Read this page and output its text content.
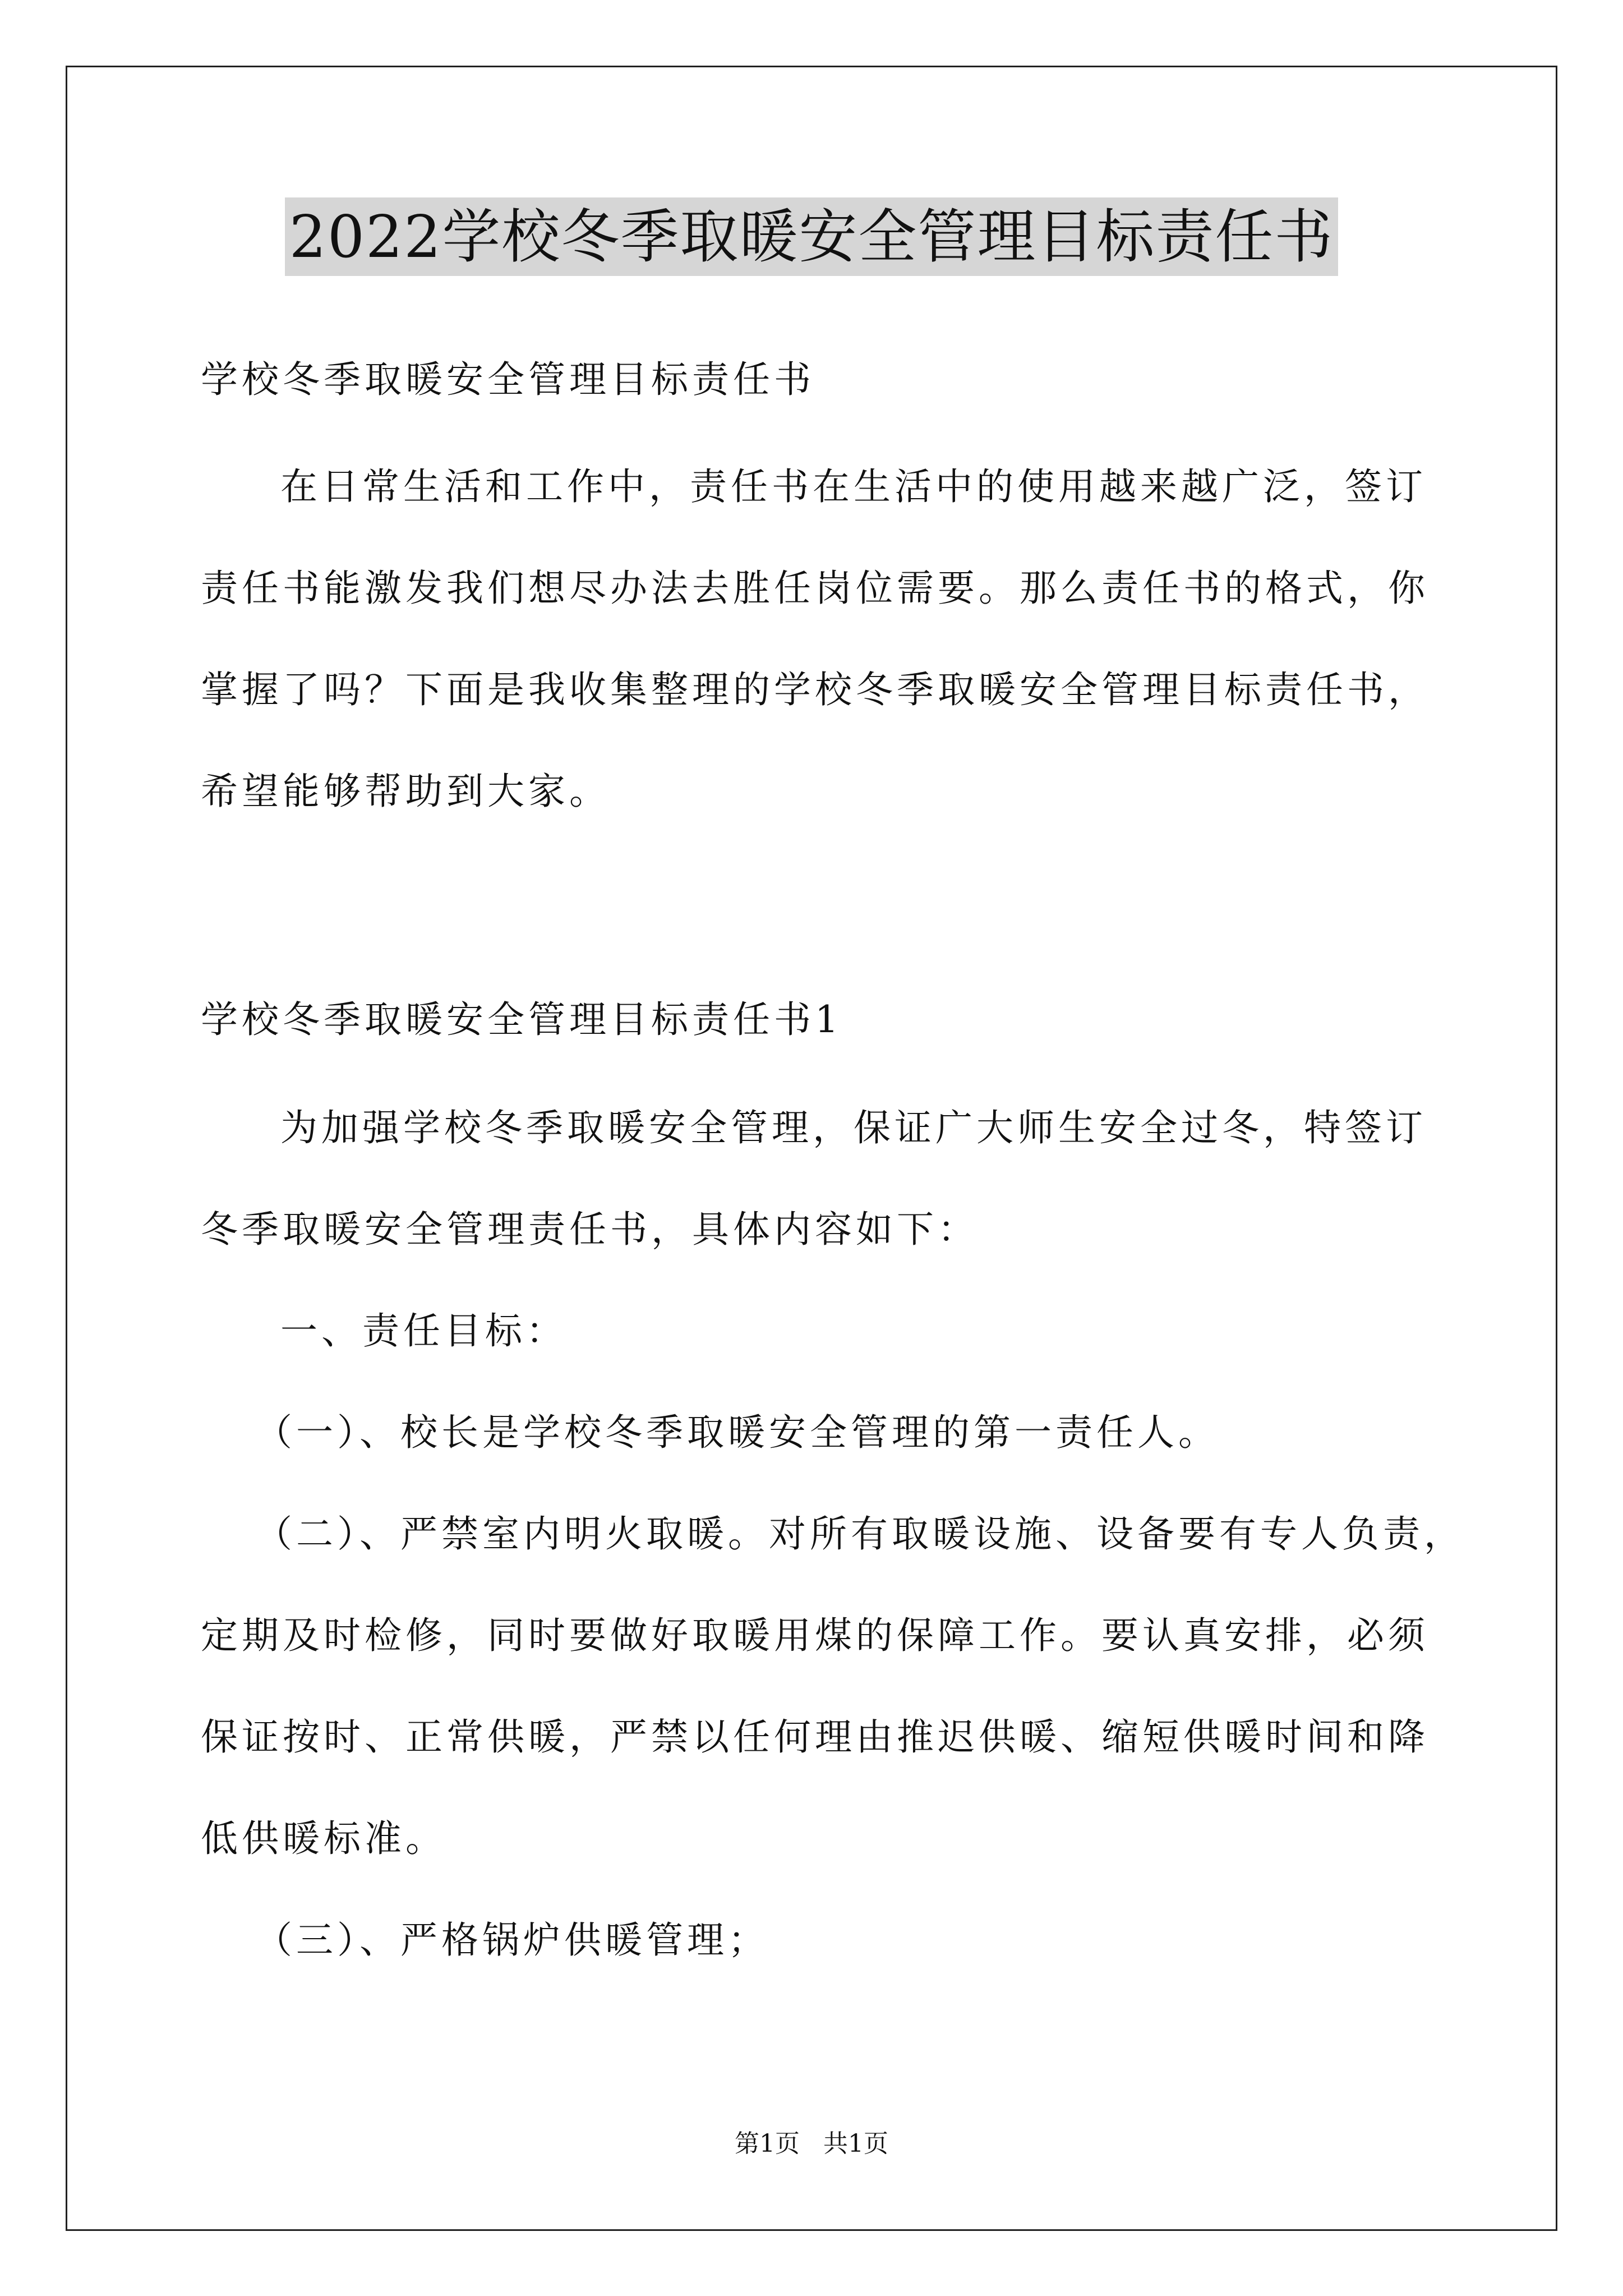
2022学校冬季取暖安全管理目标责任书
学校冬季取暖安全管理目标责任书
在日常生活和工作中，责任书在生活中的使用越来越广泛，签订
责任书能激发我们想尽办法去胜任岗位需要。那么责任书的格式，你
掌握了吗？下面是我收集整理的学校冬季取暖安全管理目标责任书，
希望能够帮助到大家。
学校冬季取暖安全管理目标责任书1
为加强学校冬季取暖安全管理，保证广大师生安全过冬，特签订
冬季取暖安全管理责任书，具体内容如下：
一、责任目标：
（一）、校长是学校冬季取暖安全管理的第一责任人。
（二）、严禁室内明火取暖。对所有取暖设施、设备要有专人负责，
定期及时检修，同时要做好取暖用煤的保障工作。要认真安排，必须
保证按时、正常供暖，严禁以任何理由推迟供暖、缩短供暖时间和降
低供暖标准。
（三）、严格锅炉供暖管理；
第1页   共1页
